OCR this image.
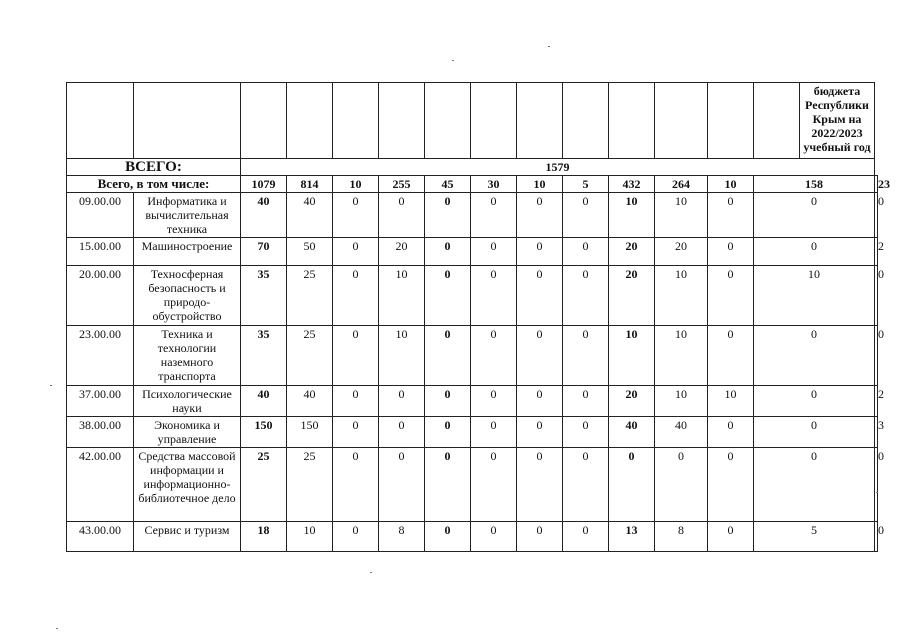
														бюджета Республики Крым на 2022/2023 учебный год	
ВСЕГО:		1579													
Всего, в том числе:		1079	814	10	255	45	30	10	5	432	264	10	158		23
09.00.00	Информатика и вычислительная техника	40	40	0	0	0	0	0	0	10	10	0	0		0
15.00.00	Машиностроение	70	50	0	20	0	0	0	0	20	20	0	0		2
20.00.00	Техносферная безопасность и природо-обустройство	35	25	0	10	0	0	0	0	20	10	0	10		0
23.00.00	Техника и технологии наземного транспорта	35	25	0	10	0	0	0	0	10	10	0	0		0
37.00.00	Психологические науки	40	40	0	0	0	0	0	0	20	10	10	0		2
38.00.00	Экономика и управление	150	150	0	0	0	0	0	0	40	40	0	0		3
42.00.00	Средства массовой информации и информационно-библиотечное дело	25	25	0	0	0	0	0	0	0	0	0	0		0
43.00.00	Сервис и туризм	18	10	0	8	0	0	0	0	13	8	0	5		0
